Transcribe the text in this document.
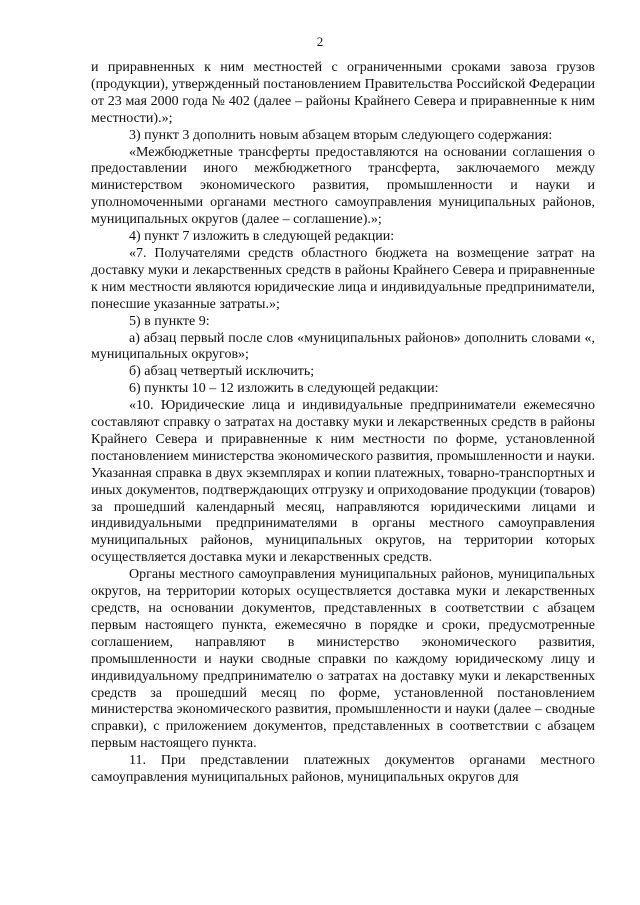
2

и приравненных к ним местностей с ограниченными сроками завоза грузов (продукции), утвержденный постановлением Правительства Российской Федерации от 23 мая 2000 года № 402 (далее – районы Крайнего Севера и приравненные к ним местности).»;

3) пункт 3 дополнить новым абзацем вторым следующего содержания:

«Межбюджетные трансферты предоставляются на основании соглашения о предоставлении иного межбюджетного трансферта, заключаемого между министерством экономического развития, промышленности и науки и уполномоченными органами местного самоуправления муниципальных районов, муниципальных округов (далее – соглашение).»;

4) пункт 7 изложить в следующей редакции:

«7. Получателями средств областного бюджета на возмещение затрат на доставку муки и лекарственных средств в районы Крайнего Севера и приравненные к ним местности являются юридические лица и индивидуальные предприниматели, понесшие указанные затраты.»;

5) в пункте 9:

а) абзац первый после слов «муниципальных районов» дополнить словами «, муниципальных округов»;

б) абзац четвертый исключить;

6) пункты 10 – 12 изложить в следующей редакции:

«10. Юридические лица и индивидуальные предприниматели ежемесячно составляют справку о затратах на доставку муки и лекарственных средств в районы Крайнего Севера и приравненные к ним местности по форме, установленной постановлением министерства экономического развития, промышленности и науки. Указанная справка в двух экземплярах и копии платежных, товарно-транспортных и иных документов, подтверждающих отгрузку и оприходование продукции (товаров) за прошедший календарный месяц, направляются юридическими лицами и индивидуальными предпринимателями в органы местного самоуправления муниципальных районов, муниципальных округов, на территории которых осуществляется доставка муки и лекарственных средств.

Органы местного самоуправления муниципальных районов, муниципальных округов, на территории которых осуществляется доставка муки и лекарственных средств, на основании документов, представленных в соответствии с абзацем первым настоящего пункта, ежемесячно в порядке и сроки, предусмотренные соглашением, направляют в министерство экономического развития, промышленности и науки сводные справки по каждому юридическому лицу и индивидуальному предпринимателю о затратах на доставку муки и лекарственных средств за прошедший месяц по форме, установленной постановлением министерства экономического развития, промышленности и науки (далее – сводные справки), с приложением документов, представленных в соответствии с абзацем первым настоящего пункта.

11. При представлении платежных документов органами местного самоуправления муниципальных районов, муниципальных округов для
